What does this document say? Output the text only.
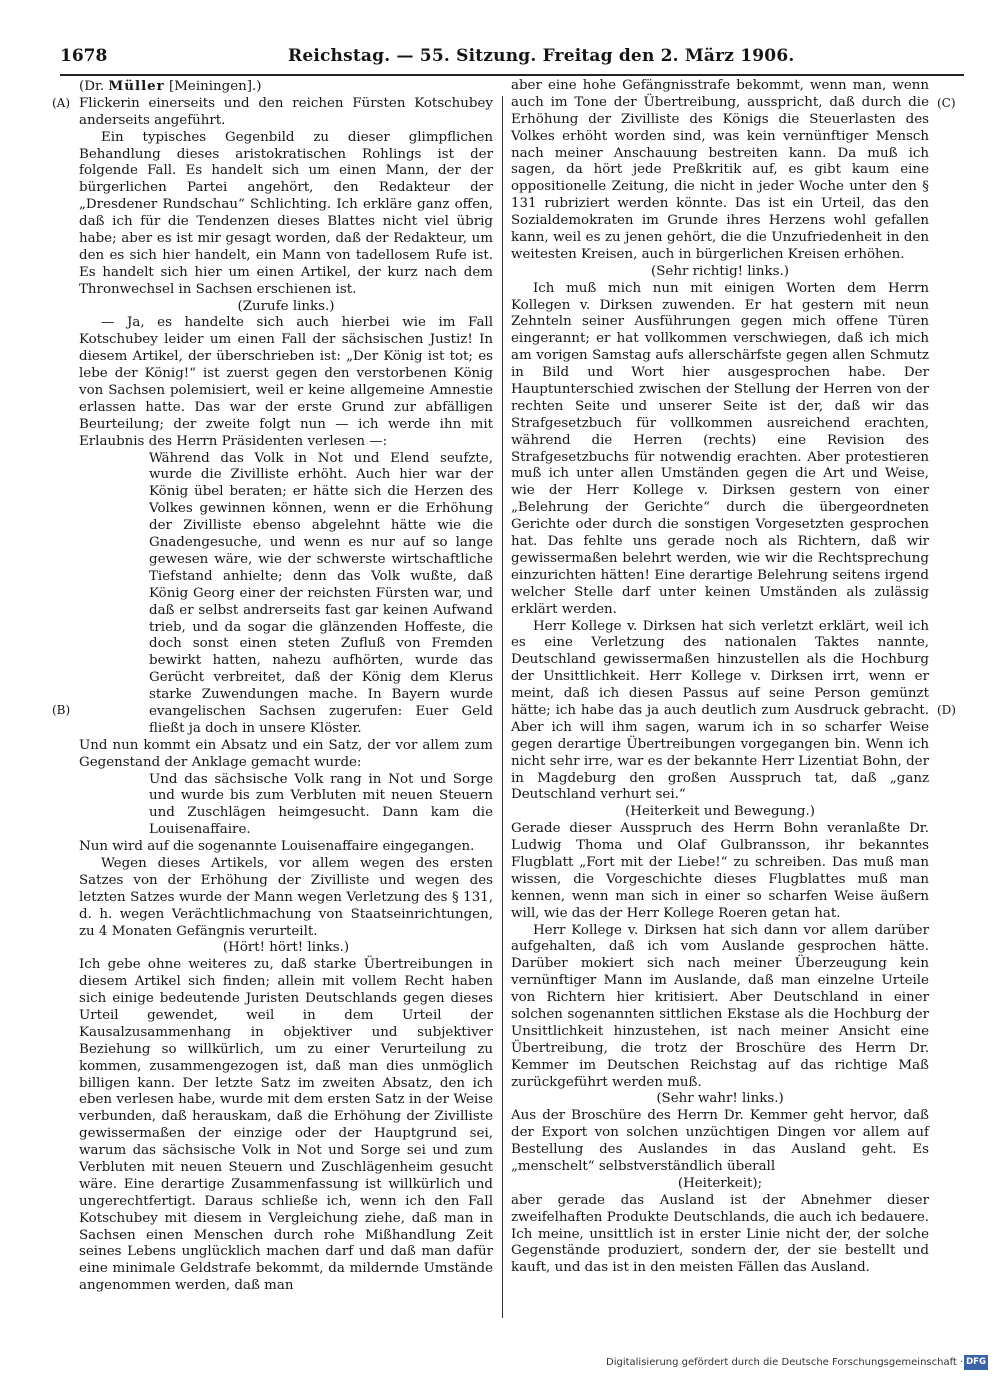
1678	Reichstag. — 55. Sitzung. Freitag den 2. März 1906.
(A)
(B)
(C)
(D)

(Dr. Müller [Meiningen].)

Flickerin einerseits und den reichen Fürsten Kotschubey anderseits angeführt.

Ein typisches Gegenbild zu dieser glimpflichen Behandlung dieses aristokratischen Rohlings ist der folgende Fall. Es handelt sich um einen Mann, der der bürgerlichen Partei angehört, den Redakteur der „Dresdener Rundschau“ Schlichting. Ich erkläre ganz offen, daß ich für die Tendenzen dieses Blattes nicht viel übrig habe; aber es ist mir gesagt worden, daß der Redakteur, um den es sich hier handelt, ein Mann von tadellosem Rufe ist. Es handelt sich hier um einen Artikel, der kurz nach dem Thronwechsel in Sachsen erschienen ist.

(Zurufe links.)

— Ja, es handelte sich auch hierbei wie im Fall Kotschubey leider um einen Fall der sächsischen Justiz! In diesem Artikel, der überschrieben ist: „Der König ist tot; es lebe der König!“ ist zuerst gegen den verstorbenen König von Sachsen polemisiert, weil er keine allgemeine Amnestie erlassen hatte. Das war der erste Grund zur abfälligen Beurteilung; der zweite folgt nun — ich werde ihn mit Erlaubnis des Herrn Präsidenten verlesen —:

Während das Volk in Not und Elend seufzte, wurde die Zivilliste erhöht. Auch hier war der König übel beraten; er hätte sich die Herzen des Volkes gewinnen können, wenn er die Erhöhung der Zivilliste ebenso abgelehnt hätte wie die Gnadengesuche, und wenn es nur auf so lange gewesen wäre, wie der schwerste wirtschaftliche Tiefstand anhielte; denn das Volk wußte, daß König Georg einer der reichsten Fürsten war, und daß er selbst andrerseits fast gar keinen Aufwand trieb, und da sogar die glänzenden Hoffeste, die doch sonst einen steten Zufluß von Fremden bewirkt hatten, nahezu aufhörten, wurde das Gerücht verbreitet, daß der König dem Klerus starke Zuwendungen mache. In Bayern wurde evangelischen Sachsen zugerufen: Euer Geld fließt ja doch in unsere Klöster.

Und nun kommt ein Absatz und ein Satz, der vor allem zum Gegenstand der Anklage gemacht wurde:

Und das sächsische Volk rang in Not und Sorge und wurde bis zum Verbluten mit neuen Steuern und Zuschlägen heimgesucht. Dann kam die Louisenaffaire.

Nun wird auf die sogenannte Louisenaffaire eingegangen.

Wegen dieses Artikels, vor allem wegen des ersten Satzes von der Erhöhung der Zivilliste und wegen des letzten Satzes wurde der Mann wegen Verletzung des § 131, d. h. wegen Verächtlichmachung von Staatseinrichtungen, zu 4 Monaten Gefängnis verurteilt.

(Hört! hört! links.)

Ich gebe ohne weiteres zu, daß starke Übertreibungen in diesem Artikel sich finden; allein mit vollem Recht haben sich einige bedeutende Juristen Deutschlands gegen dieses Urteil gewendet, weil in dem Urteil der Kausalzusammenhang in objektiver und subjektiver Beziehung so willkürlich, um zu einer Verurteilung zu kommen, zusammengezogen ist, daß man dies unmöglich billigen kann. Der letzte Satz im zweiten Absatz, den ich eben verlesen habe, wurde mit dem ersten Satz in der Weise verbunden, daß herauskam, daß die Erhöhung der Zivilliste gewissermaßen der einzige oder der Hauptgrund sei, warum das sächsische Volk in Not und Sorge sei und zum Verbluten mit neuen Steuern und Zuschlägenheim gesucht wäre. Eine derartige Zusammenfassung ist willkürlich und ungerechtfertigt. Daraus schließe ich, wenn ich den Fall Kotschubey mit diesem in Vergleichung ziehe, daß man in Sachsen einen Menschen durch rohe Mißhandlung Zeit seines Lebens unglücklich machen darf und daß man dafür eine minimale Geldstrafe bekommt, da mildernde Umstände angenommen werden, daß man

aber eine hohe Gefängnisstrafe bekommt, wenn man, wenn auch im Tone der Übertreibung, ausspricht, daß durch die Erhöhung der Zivilliste des Königs die Steuerlasten des Volkes erhöht worden sind, was kein vernünftiger Mensch nach meiner Anschauung bestreiten kann. Da muß ich sagen, da hört jede Preßkritik auf, es gibt kaum eine oppositionelle Zeitung, die nicht in jeder Woche unter den § 131 rubriziert werden könnte. Das ist ein Urteil, das den Sozialdemokraten im Grunde ihres Herzens wohl gefallen kann, weil es zu jenen gehört, die die Unzufriedenheit in den weitesten Kreisen, auch in bürgerlichen Kreisen erhöhen.

(Sehr richtig! links.)

Ich muß mich nun mit einigen Worten dem Herrn Kollegen v. Dirksen zuwenden. Er hat gestern mit neun Zehnteln seiner Ausführungen gegen mich offene Türen eingerannt; er hat vollkommen verschwiegen, daß ich mich am vorigen Samstag aufs allerschärfste gegen allen Schmutz in Bild und Wort hier ausgesprochen habe. Der Hauptunterschied zwischen der Stellung der Herren von der rechten Seite und unserer Seite ist der, daß wir das Strafgesetzbuch für vollkommen ausreichend erachten, während die Herren (rechts) eine Revision des Strafgesetzbuchs für notwendig erachten. Aber protestieren muß ich unter allen Umständen gegen die Art und Weise, wie der Herr Kollege v. Dirksen gestern von einer „Belehrung der Gerichte“ durch die übergeordneten Gerichte oder durch die sonstigen Vorgesetzten gesprochen hat. Das fehlte uns gerade noch als Richtern, daß wir gewissermaßen belehrt werden, wie wir die Rechtsprechung einzurichten hätten! Eine derartige Belehrung seitens irgend welcher Stelle darf unter keinen Umständen als zulässig erklärt werden.

Herr Kollege v. Dirksen hat sich verletzt erklärt, weil ich es eine Verletzung des nationalen Taktes nannte, Deutschland gewissermaßen hinzustellen als die Hochburg der Unsittlichkeit. Herr Kollege v. Dirksen irrt, wenn er meint, daß ich diesen Passus auf seine Person gemünzt hätte; ich habe das ja auch deutlich zum Ausdruck gebracht. Aber ich will ihm sagen, warum ich in so scharfer Weise gegen derartige Übertreibungen vorgegangen bin. Wenn ich nicht sehr irre, war es der bekannte Herr Lizentiat Bohn, der in Magdeburg den großen Ausspruch tat, daß „ganz Deutschland verhurt sei.“

(Heiterkeit und Bewegung.)

Gerade dieser Ausspruch des Herrn Bohn veranlaßte Dr. Ludwig Thoma und Olaf Gulbransson, ihr bekanntes Flugblatt „Fort mit der Liebe!“ zu schreiben. Das muß man wissen, die Vorgeschichte dieses Flugblattes muß man kennen, wenn man sich in einer so scharfen Weise äußern will, wie das der Herr Kollege Roeren getan hat.

Herr Kollege v. Dirksen hat sich dann vor allem darüber aufgehalten, daß ich vom Auslande gesprochen hätte. Darüber mokiert sich nach meiner Überzeugung kein vernünftiger Mann im Auslande, daß man einzelne Urteile von Richtern hier kritisiert. Aber Deutschland in einer solchen sogenannten sittlichen Ekstase als die Hochburg der Unsittlichkeit hinzustehen, ist nach meiner Ansicht eine Übertreibung, die trotz der Broschüre des Herrn Dr. Kemmer im Deutschen Reichstag auf das richtige Maß zurückgeführt werden muß.

(Sehr wahr! links.)

Aus der Broschüre des Herrn Dr. Kemmer geht hervor, daß der Export von solchen unzüchtigen Dingen vor allem auf Bestellung des Auslandes in das Ausland geht. Es „menschelt“ selbstverständlich überall

(Heiterkeit);

aber gerade das Ausland ist der Abnehmer dieser zweifelhaften Produkte Deutschlands, die auch ich bedauere. Ich meine, unsittlich ist in erster Linie nicht der, der solche Gegenstände produziert, sondern der, der sie bestellt und kauft, und das ist in den meisten Fällen das Ausland.

Digitalisierung gefördert durch die Deutsche Forschungsgemeinschaft · DFG
